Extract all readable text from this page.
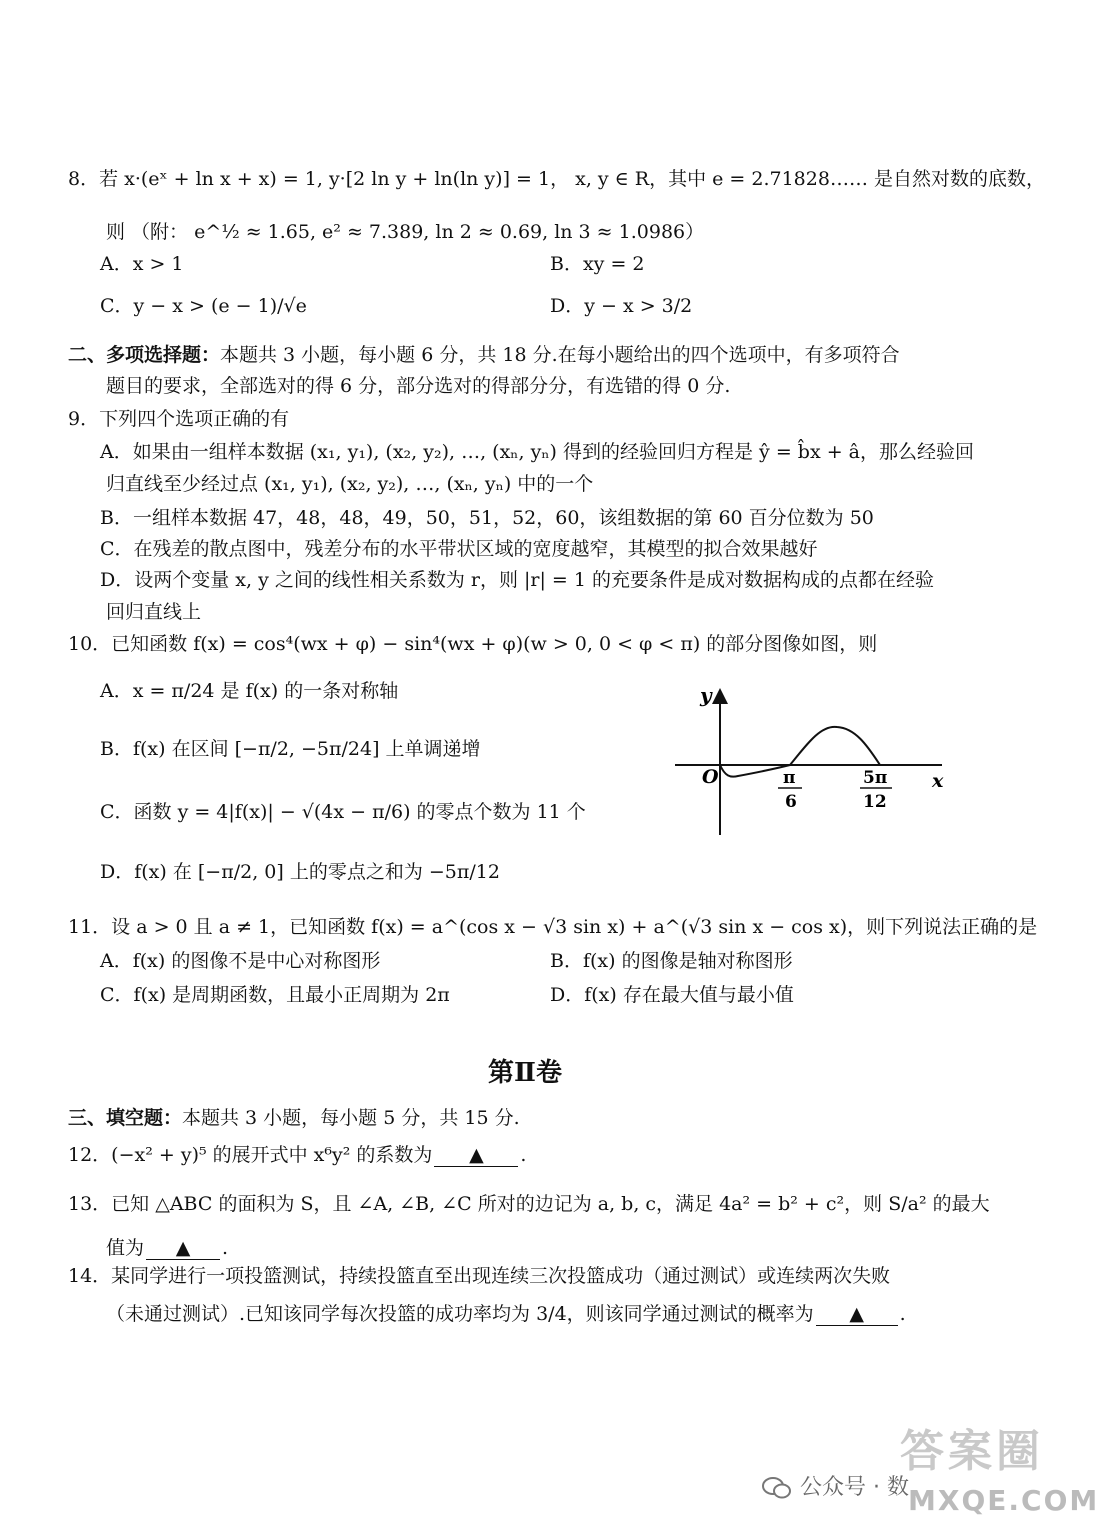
8．若 x·(eˣ + ln x + x) = 1, y·[2 ln y + ln(ln y)] = 1， x, y ∈ R，其中 e = 2.71828…… 是自然对数的底数，
则 （附： e^½ ≈ 1.65, e² ≈ 7.389, ln 2 ≈ 0.69, ln 3 ≈ 1.0986）
A．x > 1	B．xy = 2
C．y − x > (e − 1)/√e	D．y − x > 3/2
二、多项选择题：本题共 3 小题，每小题 6 分，共 18 分.在每小题给出的四个选项中，有多项符合
题目的要求，全部选对的得 6 分，部分选对的得部分分，有选错的得 0 分.
9．下列四个选项正确的有
A．如果由一组样本数据 (x₁, y₁), (x₂, y₂), …, (xₙ, yₙ) 得到的经验回归方程是 ŷ = b̂x + â，那么经验回
归直线至少经过点 (x₁, y₁), (x₂, y₂), …, (xₙ, yₙ) 中的一个
B．一组样本数据 47，48，48，49，50，51，52，60，该组数据的第 60 百分位数为 50
C．在残差的散点图中，残差分布的水平带状区域的宽度越窄，其模型的拟合效果越好
D．设两个变量 x, y 之间的线性相关系数为 r，则 |r| = 1 的充要条件是成对数据构成的点都在经验
回归直线上
10．已知函数 f(x) = cos⁴(wx + φ) − sin⁴(wx + φ)(w > 0, 0 < φ < π) 的部分图像如图，则
A．x = π/24 是 f(x) 的一条对称轴
B．f(x) 在区间 [−π/2, −5π/24] 上单调递增
C．函数 y = 4|f(x)| − √(4x − π/6) 的零点个数为 11 个
D．f(x) 在 [−π/2, 0] 上的零点之和为 −5π/12
y
x
O	π
6
5π
12
11．设 a > 0 且 a ≠ 1，已知函数 f(x) = a^(cos x − √3 sin x) + a^(√3 sin x − cos x)，则下列说法正确的是
A．f(x) 的图像不是中心对称图形	B．f(x) 的图像是轴对称图形
C．f(x) 是周期函数，且最小正周期为 2π	D．f(x) 存在最大值与最小值
第Ⅱ卷
三、填空题：本题共 3 小题，每小题 5 分，共 15 分.
12．(−x² + y)⁵ 的展开式中 x⁶y² 的系数为 ▲ .
13．已知 △ABC 的面积为 S，且 ∠A, ∠B, ∠C 所对的边记为 a, b, c，满足 4a² = b² + c²，则 S/a² 的最大
值为 ▲ .
14．某同学进行一项投篮测试，持续投篮直至出现连续三次投篮成功（通过测试）或连续两次失败
（未通过测试）.已知该同学每次投篮的成功率均为 3/4，则该同学通过测试的概率为 ▲ .
公众号 · 数
答案圈
MXQE.COM
